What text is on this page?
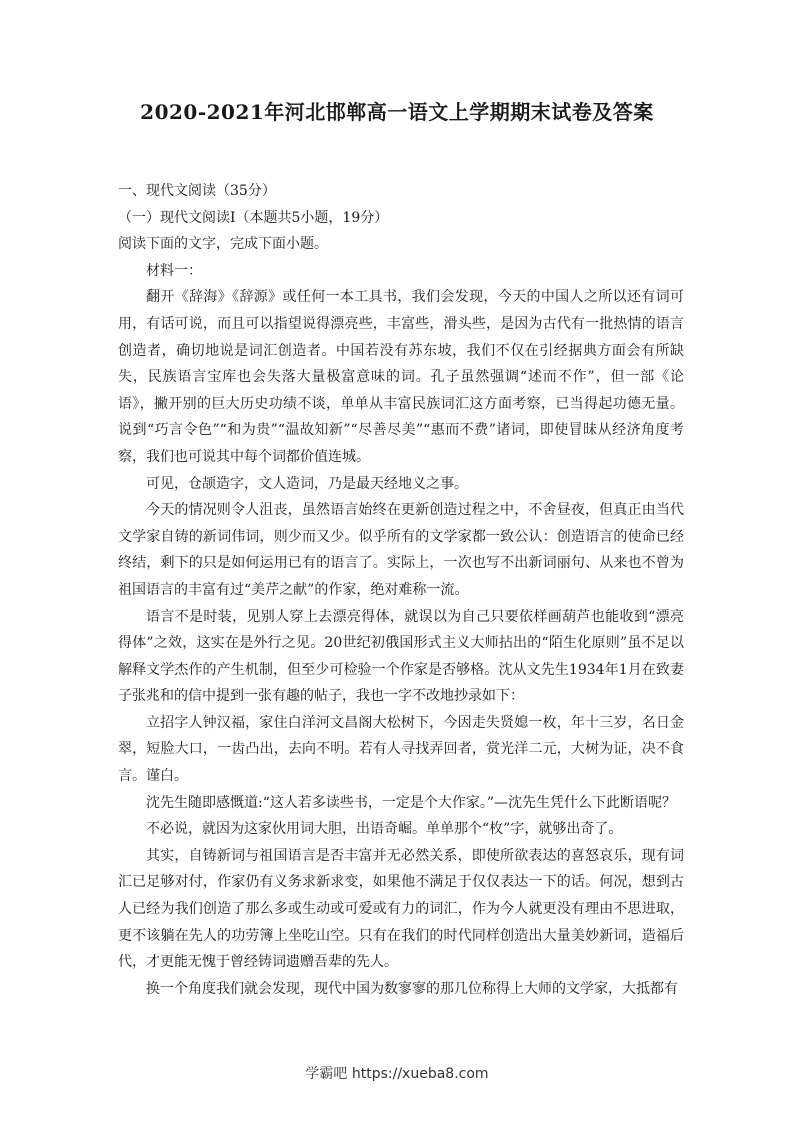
2020-2021年河北邯郸高一语文上学期期末试卷及答案

一、现代文阅读（35分）

（一）现代文阅读Ⅰ（本题共5小题，19分）

阅读下面的文字，完成下面小题。

材料一：

翻开《辞海》《辞源》或任何一本工具书，我们会发现，今天的中国人之所以还有词可用，有话可说，而且可以指望说得漂亮些，丰富些，滑头些，是因为古代有一批热情的语言创造者，确切地说是词汇创造者。中国若没有苏东坡，我们不仅在引经据典方面会有所缺失，民族语言宝库也会失落大量极富意味的词。孔子虽然强调“述而不作”，但一部《论语》，撇开别的巨大历史功绩不谈，单单从丰富民族词汇这方面考察，已当得起功德无量。说到“巧言令色”“和为贵”“温故知新”“尽善尽美”“惠而不费”诸词，即使冒昧从经济角度考察，我们也可说其中每个词都价值连城。

可见，仓颉造字，文人造词，乃是最天经地义之事。

今天的情况则令人沮丧，虽然语言始终在更新创造过程之中，不舍昼夜，但真正由当代文学家自铸的新词伟词，则少而又少。似乎所有的文学家都一致公认：创造语言的使命已经终结，剩下的只是如何运用已有的语言了。实际上，一次也写不出新词丽句、从来也不曾为祖国语言的丰富有过“美芹之献”的作家，绝对难称一流。

语言不是时装，见别人穿上去漂亮得体，就误以为自己只要依样画葫芦也能收到“漂亮得体”之效，这实在是外行之见。20世纪初俄国形式主义大师拈出的“陌生化原则”虽不足以解释文学杰作的产生机制，但至少可检验一个作家是否够格。沈从文先生1934年1月在致妻子张兆和的信中提到一张有趣的帖子，我也一字不改地抄录如下：

立招字人钟汉福，家住白洋河文昌阁大松树下，今因走失贤媳一枚，年十三岁，名日金翠，短脸大口，一齿凸出，去向不明。若有人寻找弄回者，赏光洋二元，大树为证，决不食言。谨白。

沈先生随即感慨道:“这人若多读些书，一定是个大作家。”—沈先生凭什么下此断语呢？

不必说，就因为这家伙用词大胆，出语奇崛。单单那个“枚”字，就够出奇了。

其实，自铸新词与祖国语言是否丰富并无必然关系，即使所欲表达的喜怒哀乐，现有词汇已足够对付，作家仍有义务求新求变，如果他不满足于仅仅表达一下的话。何况，想到古人已经为我们创造了那么多或生动或可爱或有力的词汇，作为今人就更没有理由不思进取，更不该躺在先人的功劳簿上坐吃山空。只有在我们的时代同样创造出大量美妙新词，造福后代，才更能无愧于曾经铸词遗赠吾辈的先人。

换一个角度我们就会发现，现代中国为数寥寥的那几位称得上大师的文学家，大抵都有

学霸吧 https://xueba8.com
